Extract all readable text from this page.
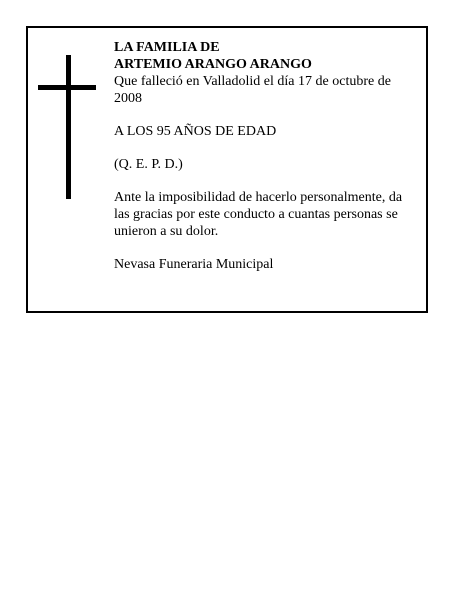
LA FAMILIA DE
ARTEMIO ARANGO ARANGO
Que falleció en Valladolid el día 17 de octubre de 2008
A LOS 95 AÑOS DE EDAD
(Q. E. P. D.)
Ante la imposibilidad de hacerlo personalmente, da las gracias por este conducto a cuantas personas se unieron a su dolor.
Nevasa Funeraria Municipal
